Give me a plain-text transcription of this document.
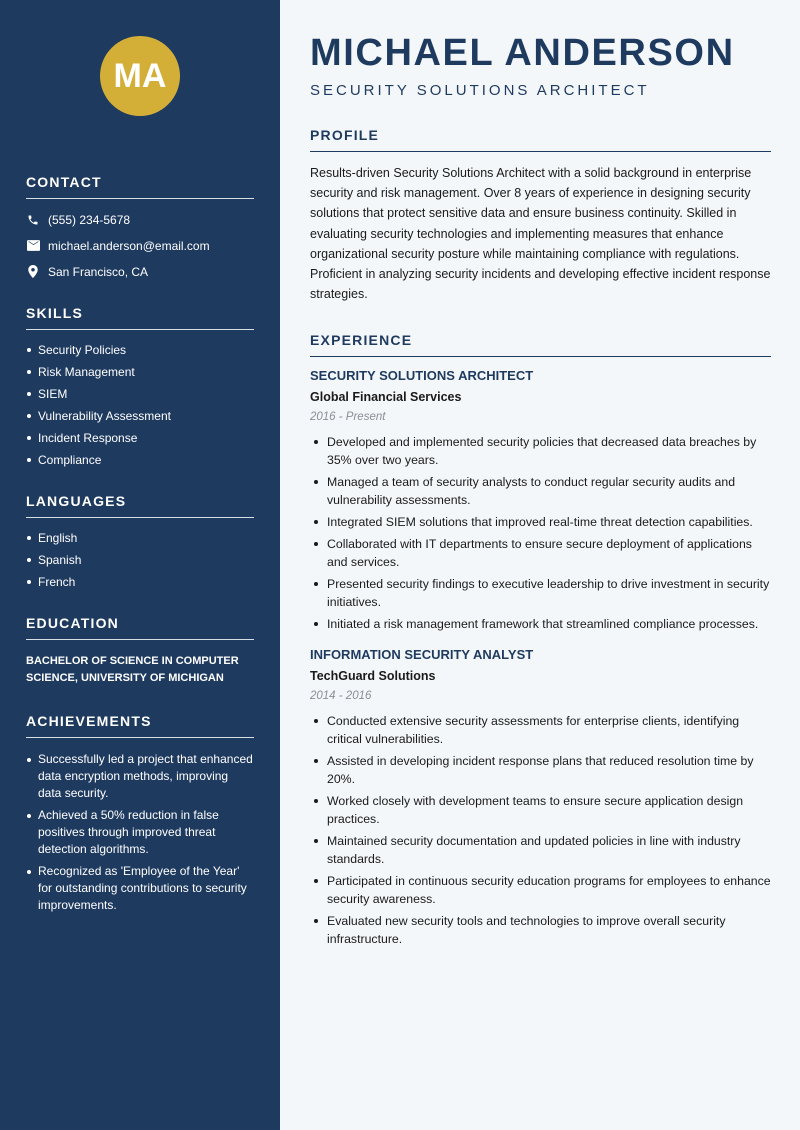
MA
CONTACT
(555) 234-5678
michael.anderson@email.com
San Francisco, CA
SKILLS
Security Policies
Risk Management
SIEM
Vulnerability Assessment
Incident Response
Compliance
LANGUAGES
English
Spanish
French
EDUCATION

BACHELOR OF SCIENCE IN COMPUTER SCIENCE, UNIVERSITY OF MICHIGAN

ACHIEVEMENTS
Successfully led a project that enhanced data encryption methods, improving data security.
Achieved a 50% reduction in false positives through improved threat detection algorithms.
Recognized as 'Employee of the Year' for outstanding contributions to security improvements.
MICHAEL ANDERSON
SECURITY SOLUTIONS ARCHITECT
PROFILE

Results-driven Security Solutions Architect with a solid background in enterprise security and risk management. Over 8 years of experience in designing security solutions that protect sensitive data and ensure business continuity. Skilled in evaluating security technologies and implementing measures that enhance organizational security posture while maintaining compliance with regulations. Proficient in analyzing security incidents and developing effective incident response strategies.

EXPERIENCE
SECURITY SOLUTIONS ARCHITECT
Global Financial Services
2016 - Present
Developed and implemented security policies that decreased data breaches by 35% over two years.
Managed a team of security analysts to conduct regular security audits and vulnerability assessments.
Integrated SIEM solutions that improved real-time threat detection capabilities.
Collaborated with IT departments to ensure secure deployment of applications and services.
Presented security findings to executive leadership to drive investment in security initiatives.
Initiated a risk management framework that streamlined compliance processes.
INFORMATION SECURITY ANALYST
TechGuard Solutions
2014 - 2016
Conducted extensive security assessments for enterprise clients, identifying critical vulnerabilities.
Assisted in developing incident response plans that reduced resolution time by 20%.
Worked closely with development teams to ensure secure application design practices.
Maintained security documentation and updated policies in line with industry standards.
Participated in continuous security education programs for employees to enhance security awareness.
Evaluated new security tools and technologies to improve overall security infrastructure.
